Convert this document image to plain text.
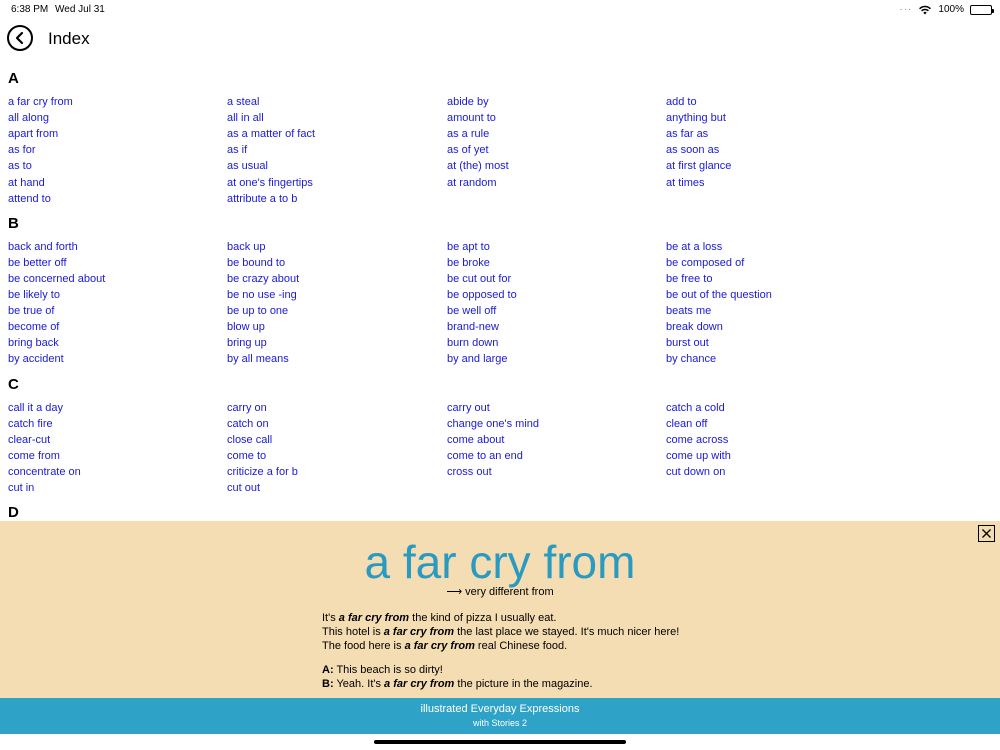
6:38 PM Wed Jul 31	···	100%
Index
A
a far cry from	a steal	abide by	add to
all along	all in all	amount to	anything but
apart from	as a matter of fact	as a rule	as far as
as for	as if	as of yet	as soon as
as to	as usual	at (the) most	at first glance
at hand	at one's fingertips	at random	at times
attend to	attribute a to b
B
back and forth	back up	be apt to	be at a loss
be better off	be bound to	be broke	be composed of
be concerned about	be crazy about	be cut out for	be free to
be likely to	be no use -ing	be opposed to	be out of the question
be true of	be up to one	be well off	beats me
become of	blow up	brand-new	break down
bring back	bring up	burn down	burst out
by accident	by all means	by and large	by chance
C
call it a day	carry on	carry out	catch a cold
catch fire	catch on	change one's mind	clean off
clear-cut	close call	come about	come across
come from	come to	come to an end	come up with
concentrate on	criticize a for b	cross out	cut down on
cut in	cut out
D
a far cry from
⟶ very different from
It's a far cry from the kind of pizza I usually eat.
This hotel is a far cry from the last place we stayed. It's much nicer here!
The food here is a far cry from real Chinese food.
A: This beach is so dirty!
B: Yeah. It's a far cry from the picture in the magazine.
illustrated Everyday Expressions
with Stories 2
